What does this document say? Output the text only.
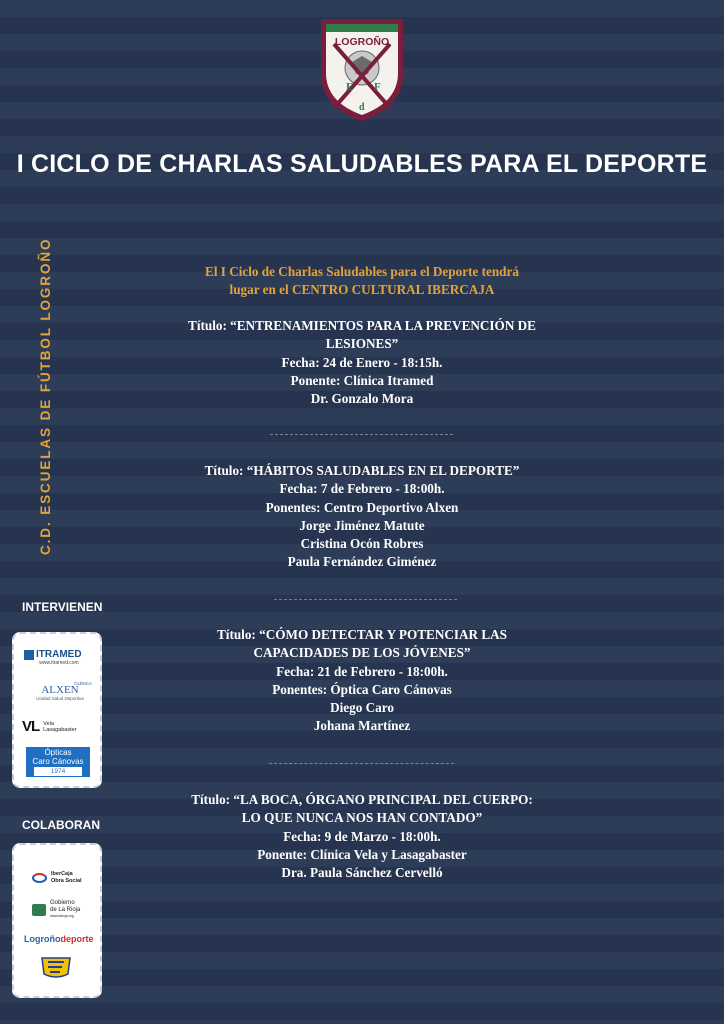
LOGROÑO
E F
d
I CICLO DE CHARLAS SALUDABLES PARA EL DEPORTE
C.D. ESCUELAS DE FÚTBOL LOGROÑO	El I Ciclo de Charlas Saludables para el Deporte tendrá
lugar en el CENTRO CULTURAL IBERCAJA

Título: “ENTRENAMIENTOS PARA LA PREVENCIÓN DE

LESIONES”

Fecha: 24 de Enero - 18:15h.

Ponente: Clínica Itramed

Dr. Gonzalo Mora

Título: “HÁBITOS SALUDABLES EN EL DEPORTE”

Fecha: 7 de Febrero - 18:00h.

Ponentes: Centro Deportivo Alxen

Jorge Jiménez Matute

Cristina Ocón Robres

Paula Fernández Giménez

Título: “CÓMO DETECTAR Y POTENCIAR LAS

CAPACIDADES DE LOS JÓVENES”

Fecha: 21 de Febrero - 18:00h.

Ponentes: Óptica Caro Cánovas

Diego Caro

Johana Martínez

Título: “LA BOCA, ÓRGANO PRINCIPAL DEL CUERPO:

LO QUE NUNCA NOS HAN CONTADO”

Fecha: 9 de Marzo - 18:00h.

Ponente: Clínica Vela y Lasagabaster

Dra. Paula Sánchez Cervelló

INTERVIENEN
ITRAMED
www.itramed.com
CLÍNICA
ALXEN
Unidad Salud Deportiva
VL Vela
Lasagabaster
Ópticas
Caro Cánovas
1974
COLABORAN
IberCaja
Obra Social
Gobierno
de La Rioja
www.larioja.org
Logroñodeporte
